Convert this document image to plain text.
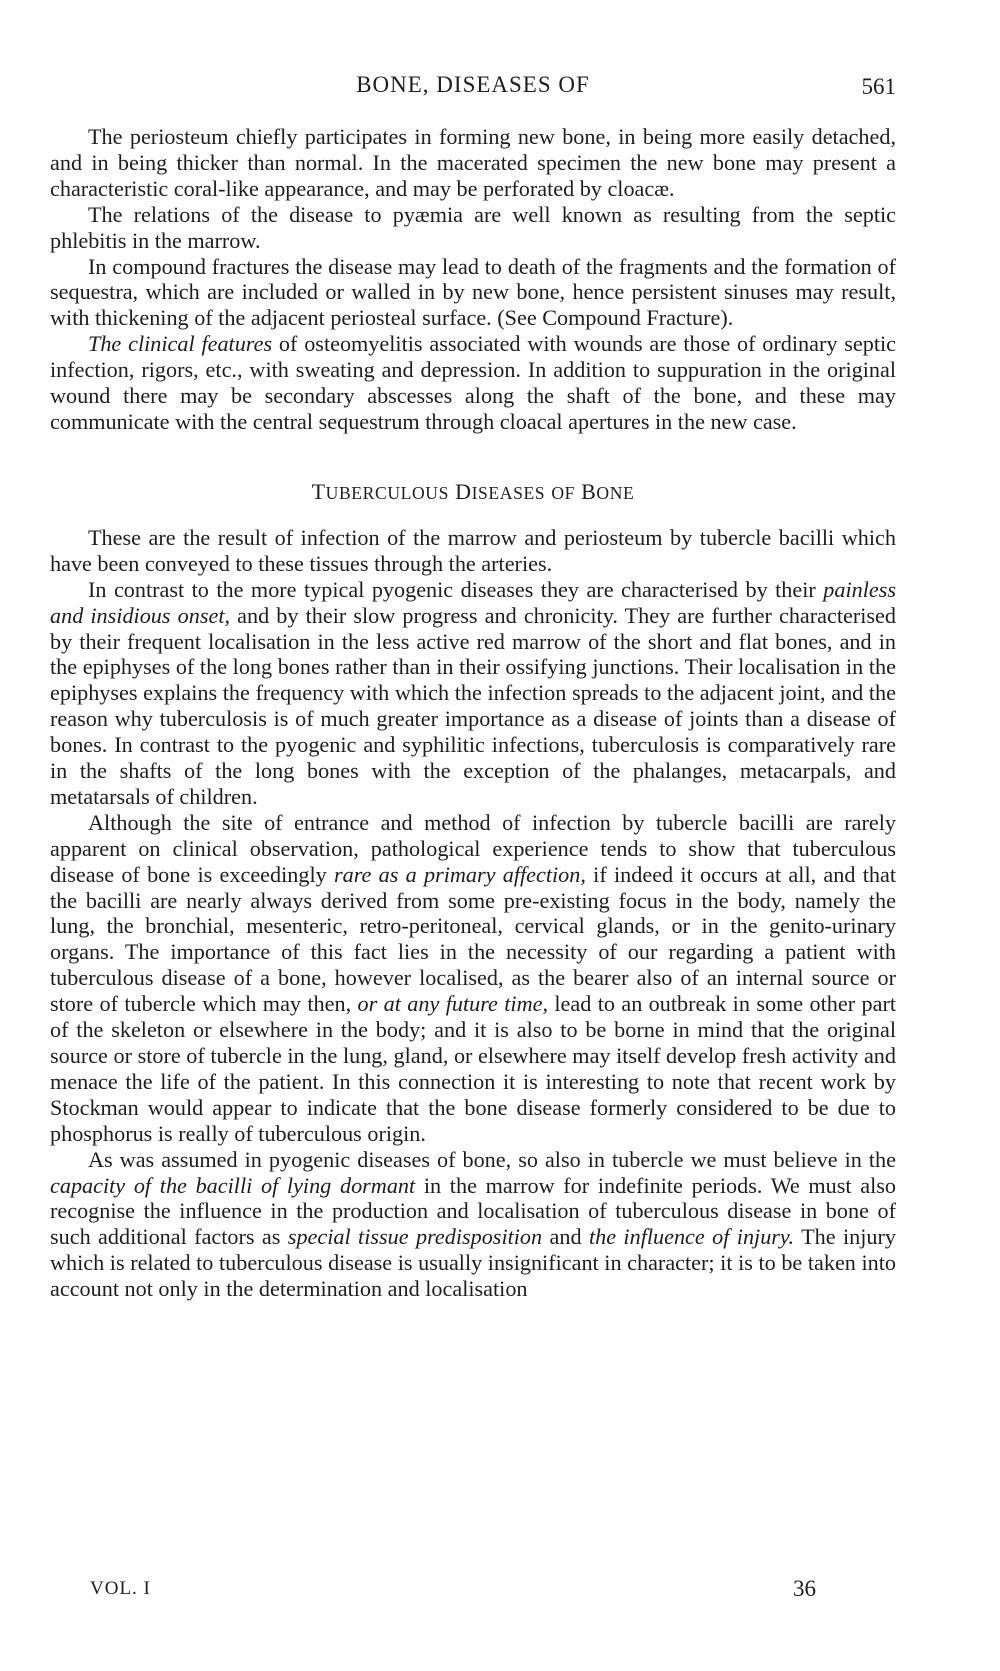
BONE, DISEASES OF	561

The periosteum chiefly participates in forming new bone, in being more easily detached, and in being thicker than normal. In the macerated specimen the new bone may present a characteristic coral-like appearance, and may be perforated by cloacæ.

The relations of the disease to pyæmia are well known as resulting from the septic phlebitis in the marrow.

In compound fractures the disease may lead to death of the fragments and the formation of sequestra, which are included or walled in by new bone, hence persistent sinuses may result, with thickening of the adjacent periosteal surface. (See Compound Fracture).

The clinical features of osteomyelitis associated with wounds are those of ordinary septic infection, rigors, etc., with sweating and depression. In addition to suppuration in the original wound there may be secondary abscesses along the shaft of the bone, and these may communicate with the central sequestrum through cloacal apertures in the new case.

TUBERCULOUS DISEASES OF BONE

These are the result of infection of the marrow and periosteum by tubercle bacilli which have been conveyed to these tissues through the arteries.

In contrast to the more typical pyogenic diseases they are characterised by their painless and insidious onset, and by their slow progress and chronicity. They are further characterised by their frequent localisation in the less active red marrow of the short and flat bones, and in the epiphyses of the long bones rather than in their ossifying junctions. Their localisation in the epiphyses explains the frequency with which the infection spreads to the adjacent joint, and the reason why tuberculosis is of much greater importance as a disease of joints than a disease of bones. In contrast to the pyogenic and syphilitic infections, tuberculosis is comparatively rare in the shafts of the long bones with the exception of the phalanges, metacarpals, and metatarsals of children.

Although the site of entrance and method of infection by tubercle bacilli are rarely apparent on clinical observation, pathological experience tends to show that tuberculous disease of bone is exceedingly rare as a primary affection, if indeed it occurs at all, and that the bacilli are nearly always derived from some pre-existing focus in the body, namely the lung, the bronchial, mesenteric, retro-peritoneal, cervical glands, or in the genito-urinary organs. The importance of this fact lies in the necessity of our regarding a patient with tuberculous disease of a bone, however localised, as the bearer also of an internal source or store of tubercle which may then, or at any future time, lead to an outbreak in some other part of the skeleton or elsewhere in the body; and it is also to be borne in mind that the original source or store of tubercle in the lung, gland, or elsewhere may itself develop fresh activity and menace the life of the patient. In this connection it is interesting to note that recent work by Stockman would appear to indicate that the bone disease formerly considered to be due to phosphorus is really of tuberculous origin.

As was assumed in pyogenic diseases of bone, so also in tubercle we must believe in the capacity of the bacilli of lying dormant in the marrow for indefinite periods. We must also recognise the influence in the production and localisation of tuberculous disease in bone of such additional factors as special tissue predisposition and the influence of injury. The injury which is related to tuberculous disease is usually insignificant in character; it is to be taken into account not only in the determination and localisation

VOL. I	36
